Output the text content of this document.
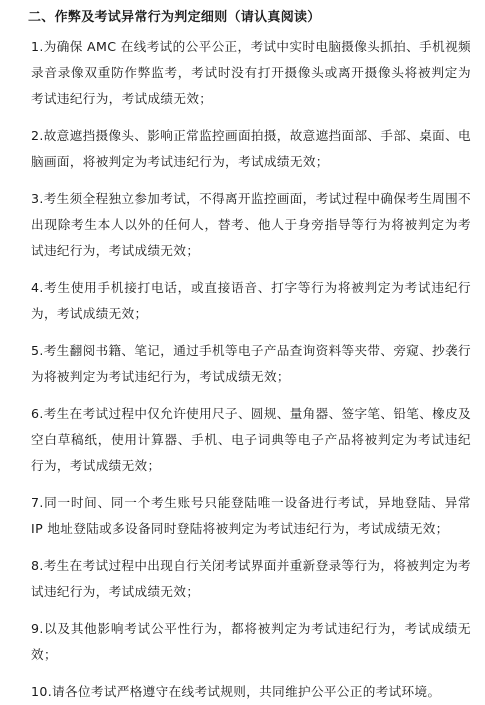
二、作弊及考试异常行为判定细则（请认真阅读）
1.为确保 AMC 在线考试的公平公正，考试中实时电脑摄像头抓拍、手机视频录音录像双重防作弊监考，考试时没有打开摄像头或离开摄像头将被判定为考试违纪行为，考试成绩无效；
2.故意遮挡摄像头、影响正常监控画面拍摄，故意遮挡面部、手部、桌面、电脑画面，将被判定为考试违纪行为，考试成绩无效；
3.考生须全程独立参加考试，不得离开监控画面，考试过程中确保考生周围不出现除考生本人以外的任何人，替考、他人于身旁指导等行为将被判定为考试违纪行为，考试成绩无效；
4.考生使用手机接打电话，或直接语音、打字等行为将被判定为考试违纪行为，考试成绩无效；
5.考生翻阅书籍、笔记，通过手机等电子产品查询资料等夹带、旁窥、抄袭行为将被判定为考试违纪行为，考试成绩无效；
6.考生在考试过程中仅允许使用尺子、圆规、量角器、签字笔、铅笔、橡皮及空白草稿纸，使用计算器、手机、电子词典等电子产品将被判定为考试违纪行为，考试成绩无效；
7.同一时间、同一个考生账号只能登陆唯一设备进行考试，异地登陆、异常 IP 地址登陆或多设备同时登陆将被判定为考试违纪行为，考试成绩无效；
8.考生在考试过程中出现自行关闭考试界面并重新登录等行为，将被判定为考试违纪行为，考试成绩无效；
9.以及其他影响考试公平性行为，都将被判定为考试违纪行为，考试成绩无效；
10.请各位考试严格遵守在线考试规则，共同维护公平公正的考试环境。
